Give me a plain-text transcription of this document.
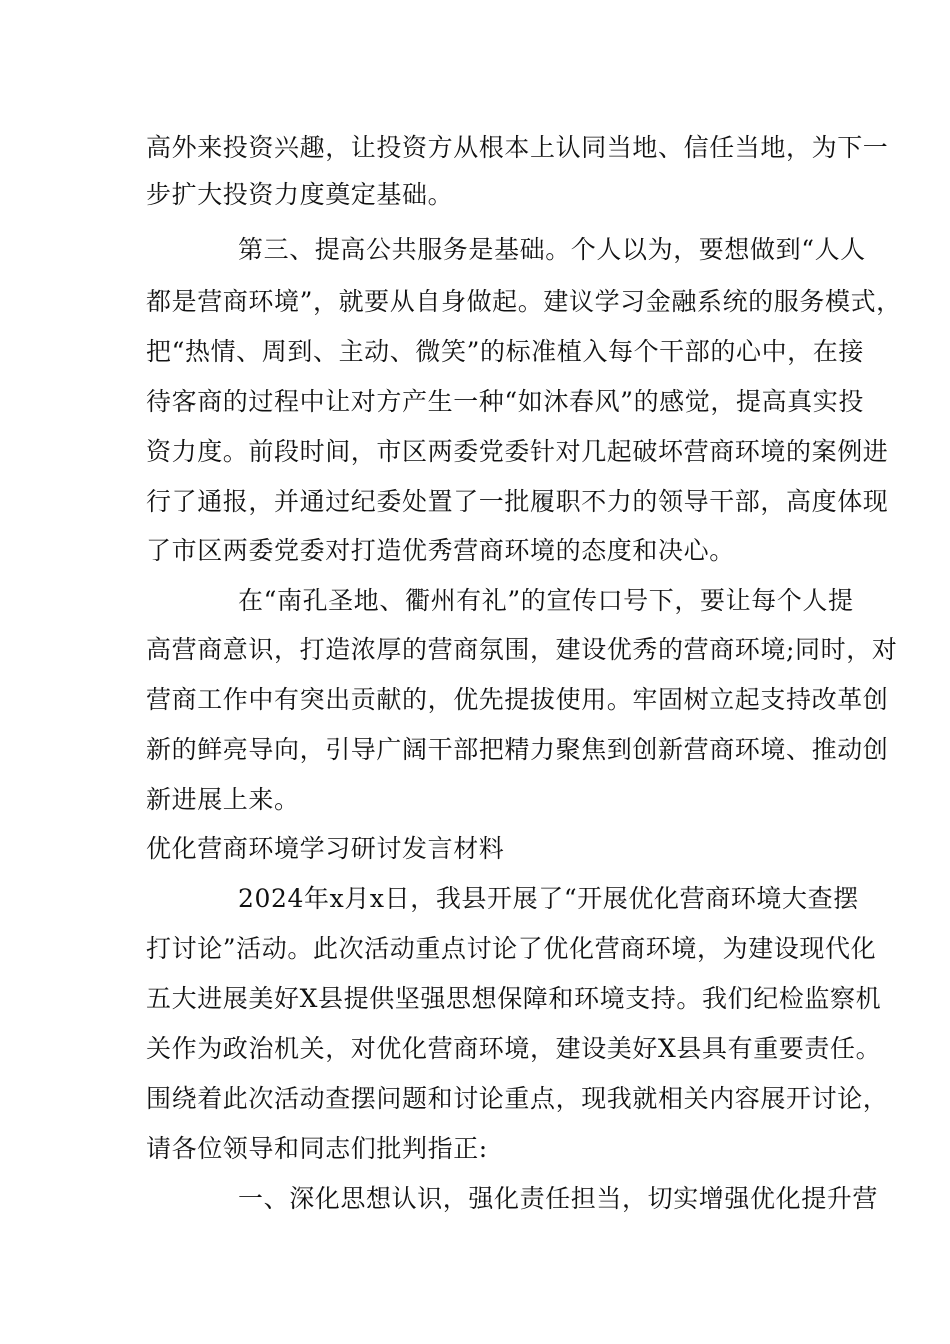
高外来投资兴趣，让投资方从根本上认同当地、信任当地，为下一
步扩大投资力度奠定基础。
第三、提高公共服务是基础。个人以为，要想做到“人人
都是营商环境”，就要从自身做起。建议学习金融系统的服务模式，
把“热情、周到、主动、微笑”的标准植入每个干部的心中，在接
待客商的过程中让对方产生一种“如沐春风”的感觉，提高真实投
资力度。前段时间，市区两委党委针对几起破坏营商环境的案例进
行了通报，并通过纪委处置了一批履职不力的领导干部，高度体现
了市区两委党委对打造优秀营商环境的态度和决心。
在“南孔圣地、衢州有礼”的宣传口号下，要让每个人提
高营商意识，打造浓厚的营商氛围，建设优秀的营商环境;同时，对
营商工作中有突出贡献的，优先提拔使用。牢固树立起支持改革创
新的鲜亮导向，引导广阔干部把精力聚焦到创新营商环境、推动创
新进展上来。
优化营商环境学习研讨发言材料
2024年x月x日，我县开展了“开展优化营商环境大查摆
打讨论”活动。此次活动重点讨论了优化营商环境，为建设现代化
五大进展美好X县提供坚强思想保障和环境支持。我们纪检监察机
关作为政治机关，对优化营商环境，建设美好X县具有重要责任。
围绕着此次活动查摆问题和讨论重点，现我就相关内容展开讨论，
请各位领导和同志们批判指正:
一、深化思想认识，强化责任担当，切实增强优化提升营
